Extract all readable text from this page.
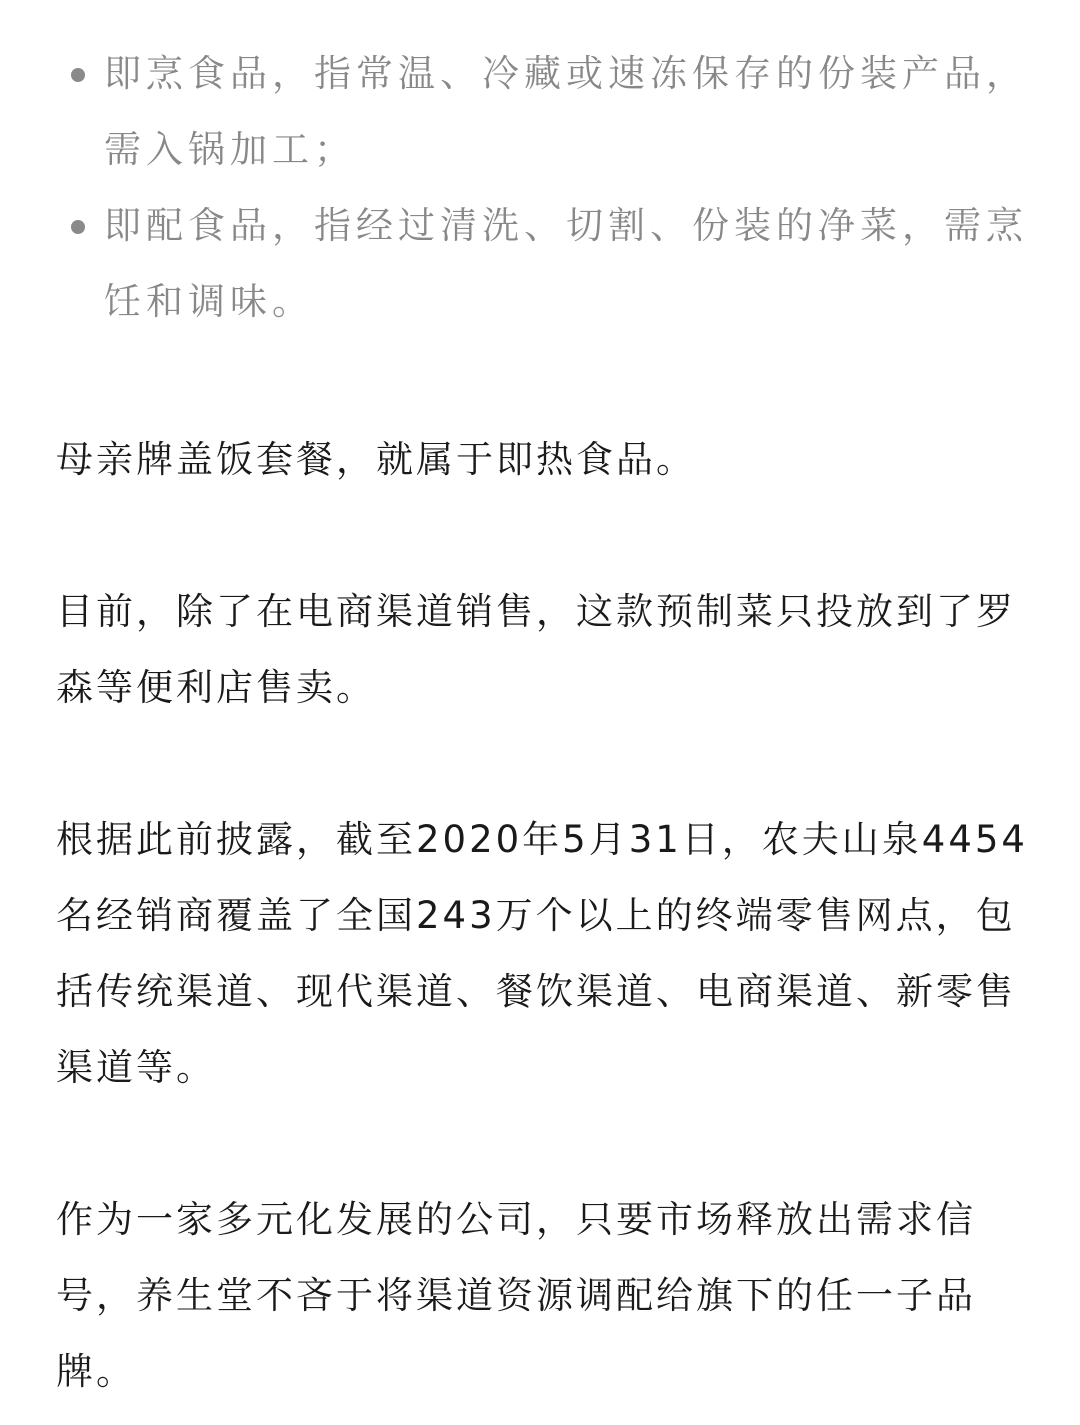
即烹食品，指常温、冷藏或速冻保存的份装产品，需入锅加工；
即配食品，指经过清洗、切割、份装的净菜，需烹饪和调味。

母亲牌盖饭套餐，就属于即热食品。

目前，除了在电商渠道销售，这款预制菜只投放到了罗森等便利店售卖。

根据此前披露，截至2020年5月31日，农夫山泉4454名经销商覆盖了全国243万个以上的终端零售网点，包括传统渠道、现代渠道、餐饮渠道、电商渠道、新零售渠道等。

作为一家多元化发展的公司，只要市场释放出需求信号，养生堂不吝于将渠道资源调配给旗下的任一子品牌。
